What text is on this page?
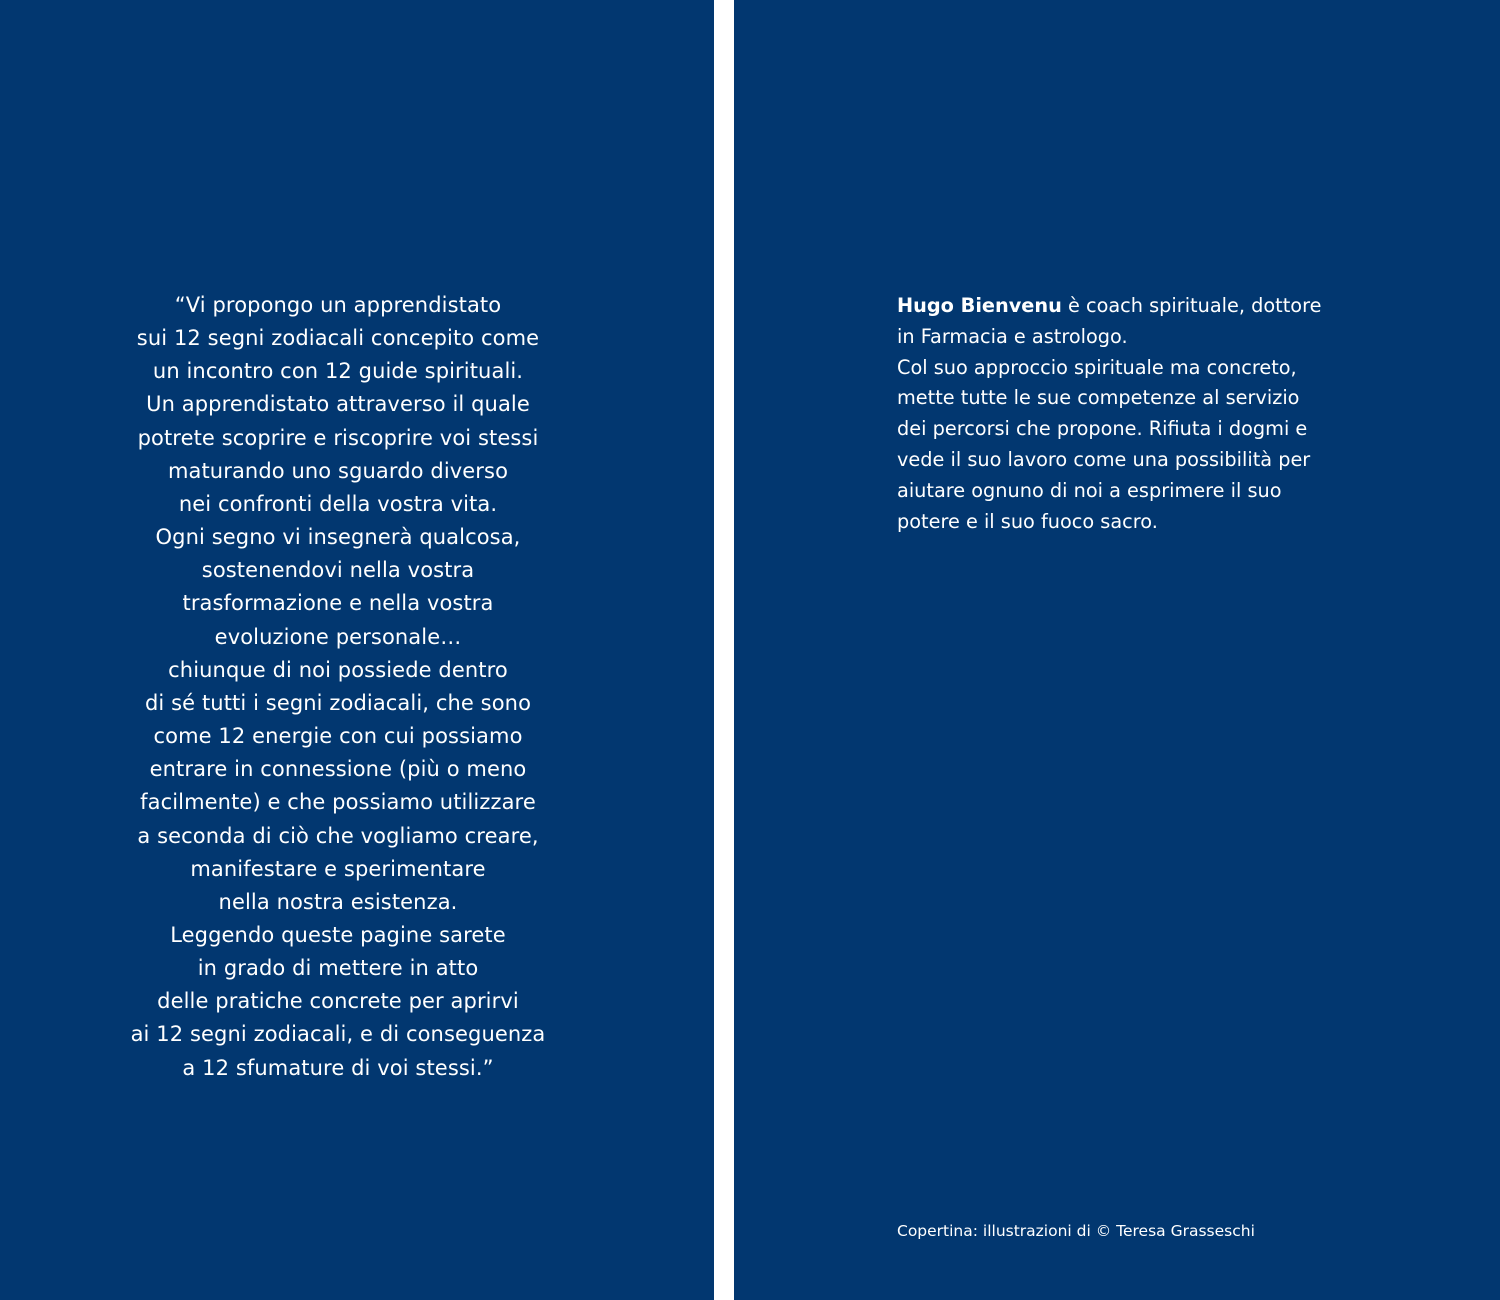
“Vi propongo un apprendistato
sui 12 segni zodiacali concepito come
un incontro con 12 guide spirituali.
Un apprendistato attraverso il quale
potrete scoprire e riscoprire voi stessi
maturando uno sguardo diverso
nei confronti della vostra vita.
Ogni segno vi insegnerà qualcosa,
sostenendovi nella vostra
trasformazione e nella vostra
evoluzione personale…
chiunque di noi possiede dentro
di sé tutti i segni zodiacali, che sono
come 12 energie con cui possiamo
entrare in connessione (più o meno
facilmente) e che possiamo utilizzare
a seconda di ciò che vogliamo creare,
manifestare e sperimentare
nella nostra esistenza.
Leggendo queste pagine sarete
in grado di mettere in atto
delle pratiche concrete per aprirvi
ai 12 segni zodiacali, e di conseguenza
a 12 sfumature di voi stessi.”
Hugo Bienvenu è coach spirituale, dottore
in Farmacia e astrologo.
Col suo approccio spirituale ma concreto,
mette tutte le sue competenze al servizio
dei percorsi che propone. Rifiuta i dogmi e
vede il suo lavoro come una possibilità per
aiutare ognuno di noi a esprimere il suo
potere e il suo fuoco sacro.
Copertina: illustrazioni di © Teresa Grasseschi
